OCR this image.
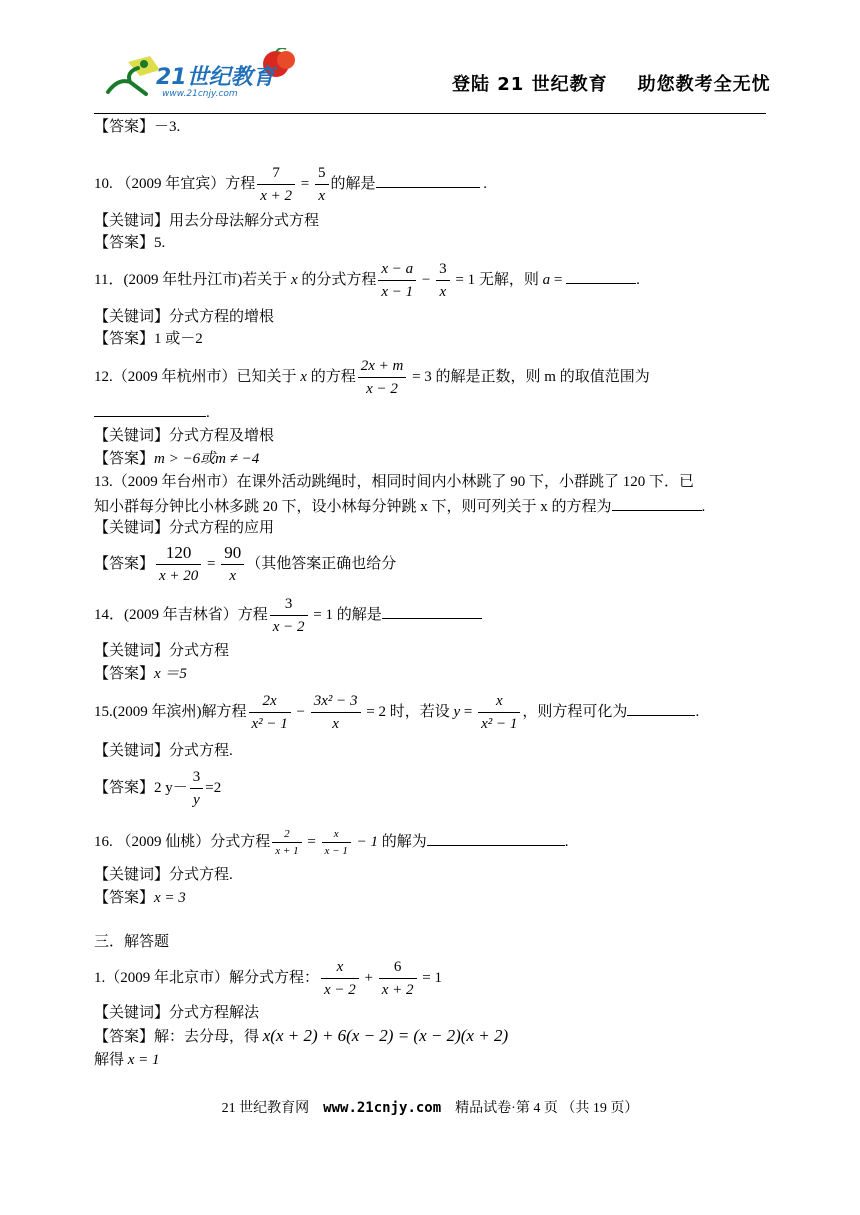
21世纪教育
www.21cnjy.com	登陆 21 世纪教育 助您教考全无忧
【答案】－3.
10. （2009 年宜宾）方程 $\frac{7}{x + 2} = \frac{5}{x}$ 的解是	.
【关键词】用去分母法解分式方程
【答案】5.
11．(2009 年牡丹江市)若关于 x 的分式方程 $\frac{x - a}{x - 1} - \frac{3}{x} = 1$ 无解，则 a =	.
【关键词】分式方程的增根
【答案】1 或－2
12.（2009 年杭州市）已知关于 x 的方程 $\frac{2x + m}{x - 2} = 3$ 的解是正数，则 m 的取值范围为
.
【关键词】分式方程及增根
【答案】m > −6或m ≠ −4
13.（2009 年台州市）在课外活动跳绳时，相同时间内小林跳了 90 下，小群跳了 120 下．已
知小群每分钟比小林多跳 20 下，设小林每分钟跳 x 下，则可列关于 x 的方程为	.
【关键词】分式方程的应用
【答案】 $\frac{120}{x + 20} = \frac{90}{x}$ （其他答案正确也给分
14．(2009 年吉林省）方程 $\frac{3}{x - 2} = 1$ 的解是
【关键词】分式方程
【答案】x ＝5
15.(2009 年滨州)解方程 $\frac{2x}{\text{x² − 1}} - \frac{\text{3x² − 3}}{x} = 2$ 时，若设 $y = \frac{x}{\text{x² − 1}}$ ，则方程可化为	.
【关键词】分式方程.
【答案】2 $y- \frac{3}{y} =2$
16. （2009 仙桃）分式方程 $\frac{2}{x + 1} = \frac{x}{x - 1} - 1$ 的解为	.
【关键词】分式方程.
【答案】x = 3
三．解答题
1.（2009 年北京市）解分式方程： $\frac{x}{x - 2} + \frac{6}{x + 2} = 1$
【关键词】分式方程解法
【答案】解：去分母，得 x(x + 2) + 6(x − 2) = (x − 2)(x + 2)
解得 x = 1
21 世纪教育网 www.21cnjy.com 精品试卷·第 4 页 （共 19 页）
